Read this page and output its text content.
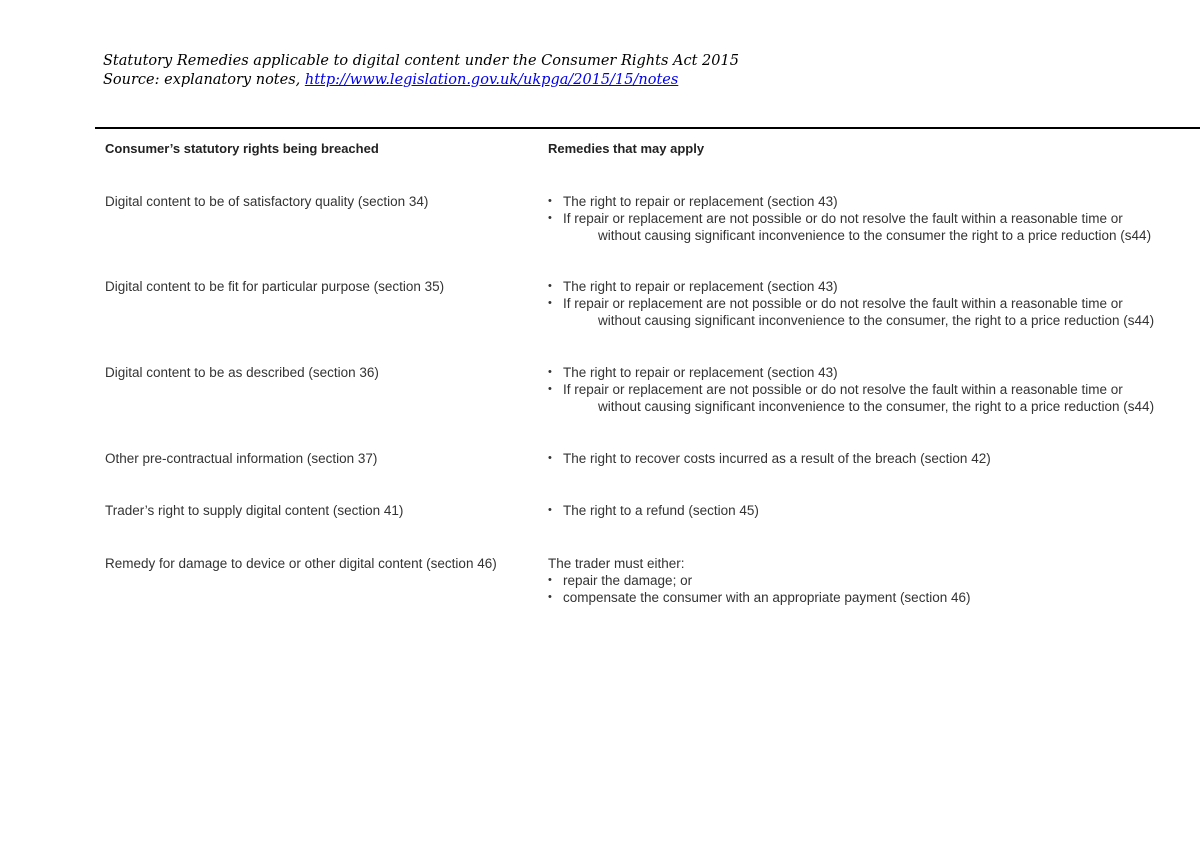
Statutory Remedies applicable to digital content under the Consumer Rights Act 2015
Source: explanatory notes, http://www.legislation.gov.uk/ukpga/2015/15/notes
Consumer’s statutory rights being breached	Remedies that may apply
Digital content to be of satisfactory quality (section 34)	• The right to repair or replacement (section 43)
• If repair or replacement are not possible or do not resolve the fault within a reasonable time or
without causing significant inconvenience to the consumer the right to a price reduction (s44)
Digital content to be fit for particular purpose (section 35)	• The right to repair or replacement (section 43)
• If repair or replacement are not possible or do not resolve the fault within a reasonable time or
without causing significant inconvenience to the consumer, the right to a price reduction (s44)
Digital content to be as described (section 36)	• The right to repair or replacement (section 43)
• If repair or replacement are not possible or do not resolve the fault within a reasonable time or
without causing significant inconvenience to the consumer, the right to a price reduction (s44)
Other pre-contractual information (section 37)	• The right to recover costs incurred as a result of the breach (section 42)
Trader’s right to supply digital content (section 41)	• The right to a refund (section 45)
Remedy for damage to device or other digital content (section 46)	The trader must either:
• repair the damage; or
• compensate the consumer with an appropriate payment (section 46)
